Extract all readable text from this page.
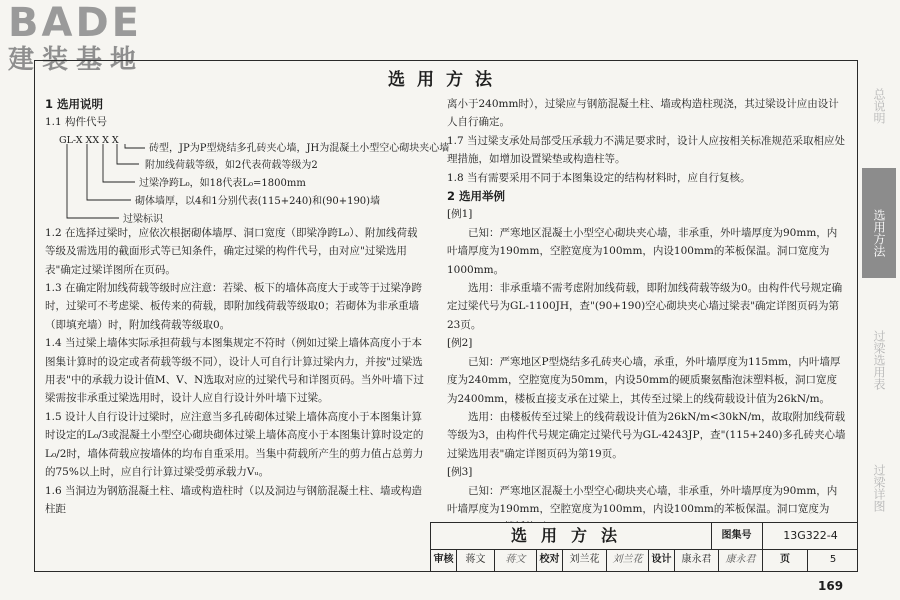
BADE
建装基地
选用方法

1 选用说明

1.1 构件代号

GL-X XX X X
砖型，JP为P型烧结多孔砖夹心墙，JH为混凝土小型空心砌块夹心墙
附加线荷载等级，如2代表荷载等级为2
过梁净跨L₀，如18代表L₀=1800mm
砌体墙厚，以4和1分别代表(115+240)和(90+190)墙
过梁标识

1.2 在选择过梁时，应依次根据砌体墙厚、洞口宽度（即梁净跨L₀）、附加线荷载等级及需选用的截面形式等已知条件，确定过梁的构件代号，由对应"过梁选用表"确定过梁详图所在页码。

1.3 在确定附加线荷载等级时应注意：若梁、板下的墙体高度大于或等于过梁净跨时，过梁可不考虑梁、板传来的荷载，即附加线荷载等级取0；若砌体为非承重墙（即填充墙）时，附加线荷载等级取0。

1.4 当过梁上墙体实际承担荷载与本图集规定不符时（例如过梁上墙体高度小于本图集计算时的设定或者荷载等级不同），设计人可自行计算过梁内力，并按"过梁选用表"中的承载力设计值M、V、N选取对应的过梁代号和详图页码。当外叶墙下过梁需按非承重过梁选用时，设计人应自行设计外叶墙下过梁。

1.5 设计人自行设计过梁时，应注意当多孔砖砌体过梁上墙体高度小于本图集计算时设定的L₀/3或混凝土小型空心砌块砌体过梁上墙体高度小于本图集计算时设定的L₀/2时，墙体荷载应按墙体的均布自重采用。当集中荷载所产生的剪力值占总剪力的75%以上时，应自行计算过梁受剪承载力Vᵤ。

1.6 当洞边为钢筋混凝土柱、墙或构造柱时（以及洞边与钢筋混凝土柱、墙或构造柱距

离小于240mm时），过梁应与钢筋混凝土柱、墙或构造柱现浇，其过梁设计应由设计人自行确定。

1.7 当过梁支承处局部受压承载力不满足要求时，设计人应按相关标准规范采取相应处理措施，如增加设置梁垫或构造柱等。

1.8 当有需要采用不同于本图集设定的结构材料时，应自行复核。

2 选用举例

[例1]

已知：严寒地区混凝土小型空心砌块夹心墙，非承重，外叶墙厚度为90mm，内叶墙厚度为190mm，空腔宽度为100mm，内设100mm的苯板保温。洞口宽度为1000mm。

选用：非承重墙不需考虑附加线荷载，即附加线荷载等级为0。由构件代号规定确定过梁代号为GL-1100JH，查"(90+190)空心砌块夹心墙过梁表"确定详图页码为第23页。

[例2]

已知：严寒地区P型烧结多孔砖夹心墙，承重，外叶墙厚度为115mm，内叶墙厚度为240mm，空腔宽度为50mm，内设50mm的硬质聚氨酯泡沫塑料板，洞口宽度为2400mm，楼板直接支承在过梁上，其传至过梁上的线荷载设计值为26kN/m。

选用：由楼板传至过梁上的线荷载设计值为26kN/m<30kN/m，故取附加线荷载等级为3，由构件代号规定确定过梁代号为GL-4243JP，查"(115+240)多孔砖夹心墙过梁选用表"确定详图页码为第19页。

[例3]

已知：严寒地区混凝土小型空心砌块夹心墙，非承重，外叶墙厚度为90mm，内叶墙厚度为190mm，空腔宽度为100mm，内设100mm的苯板保温。洞口宽度为

选用方法	图集号	13G322-4
审核	蒋文	蒋文	校对	刘兰花	刘兰花 设计	康永君	康永君	页	5
总说明
选用方法
过梁选用表
过梁详图
169
